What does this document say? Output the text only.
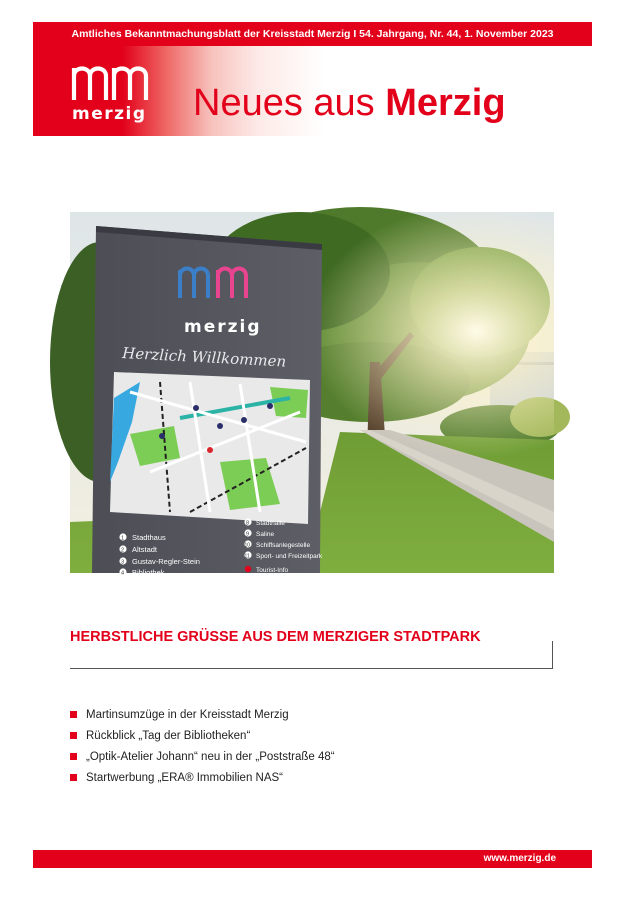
Amtliches Bekanntmachungsblatt der Kreisstadt Merzig I 54. Jahrgang, Nr. 44, 1. November 2023
merzig Neues aus Merzig
merzig
Herzlich Willkommen
1 Stadthaus
2 Altstadt
3 Gustav-Regler-Stein
4 Bibliothek
8 Stadthalle
9 Saline
10 Schiffsanlegestelle
11 Sport- und Freizeitpark
Tourist-Info
HERBSTLICHE GRÜSSE AUS DEM MERZIGER STADTPARK
Martinsumzüge in der Kreisstadt Merzig
Rückblick „Tag der Bibliotheken“
„Optik-Atelier Johann“ neu in der „Poststraße 48“
Startwerbung „ERA® Immobilien NAS“
www.merzig.de
